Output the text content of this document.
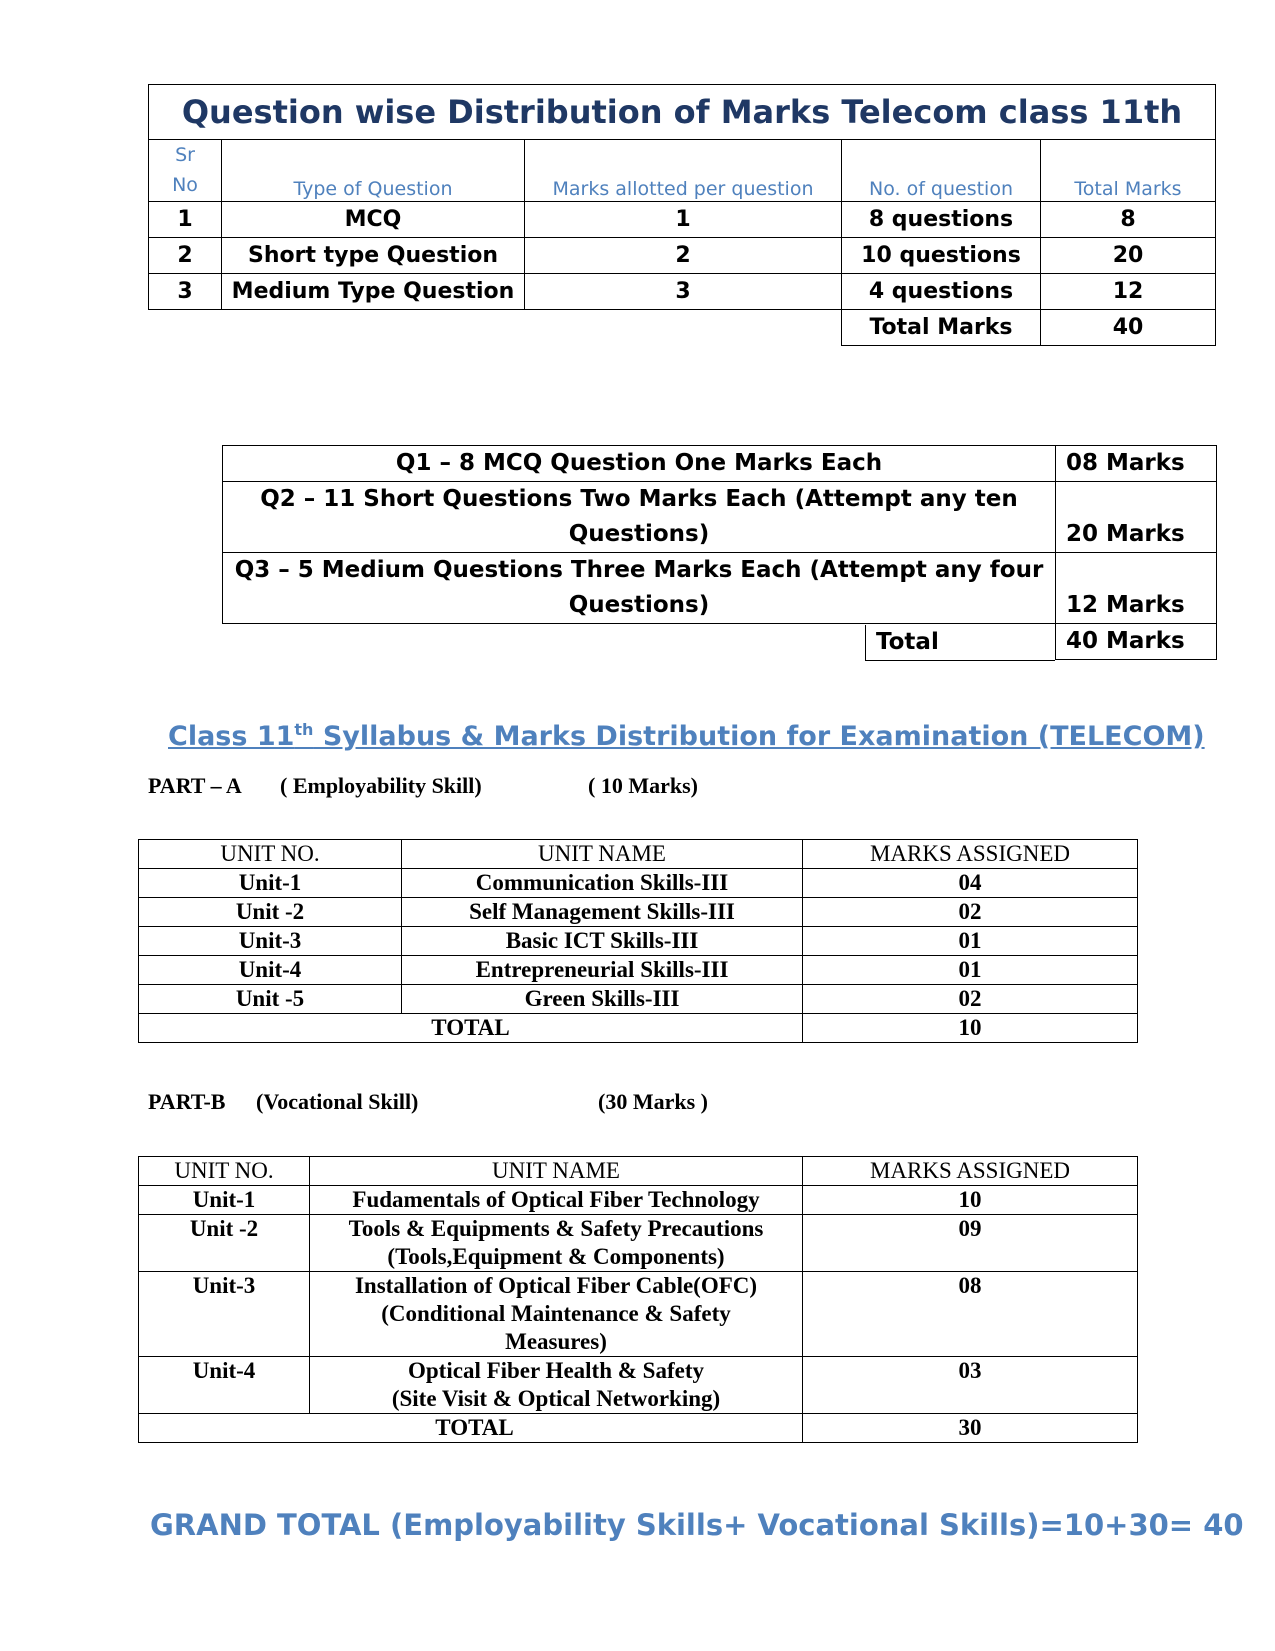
Question wise Distribution of Marks Telecom class 11th				
Sr
No	Type of Question	Marks allotted per question	No. of question	Total Marks
1	MCQ	1	8 questions	8
2	Short type Question	2	10 questions	20
3	Medium Type Question	3	4 questions	12
			Total Marks	40
Q1 – 8 MCQ Question One Marks Each	08 Marks
Q2 – 11 Short Questions Two Marks Each (Attempt any ten
Questions)	20 Marks
Q3 – 5 Medium Questions Three Marks Each (Attempt any four
Questions)	12 Marks

Total	40 Marks
Class 11th Syllabus & Marks Distribution for Examination (TELECOM)
PART – A ( Employability Skill)	( 10 Marks)
UNIT NO.	UNIT NAME	MARKS ASSIGNED
Unit-1	Communication Skills-III	04
Unit -2	Self Management Skills-III	02
Unit-3	Basic ICT Skills-III	01
Unit-4	Entrepreneurial Skills-III	01
Unit -5	Green Skills-III	02
TOTAL		10
PART-B (Vocational Skill)	(30 Marks )
UNIT NO.	UNIT NAME	MARKS ASSIGNED
Unit-1	Fudamentals of Optical Fiber Technology	10
Unit -2	Tools & Equipments & Safety Precautions
(Tools,Equipment & Components)	09
Unit-3	Installation of Optical Fiber Cable(OFC)
(Conditional Maintenance & Safety
Measures)	08
Unit-4	Optical Fiber Health & Safety
(Site Visit & Optical Networking)	03
TOTAL		30
GRAND TOTAL (Employability Skills+ Vocational Skills)=10+30= 40
